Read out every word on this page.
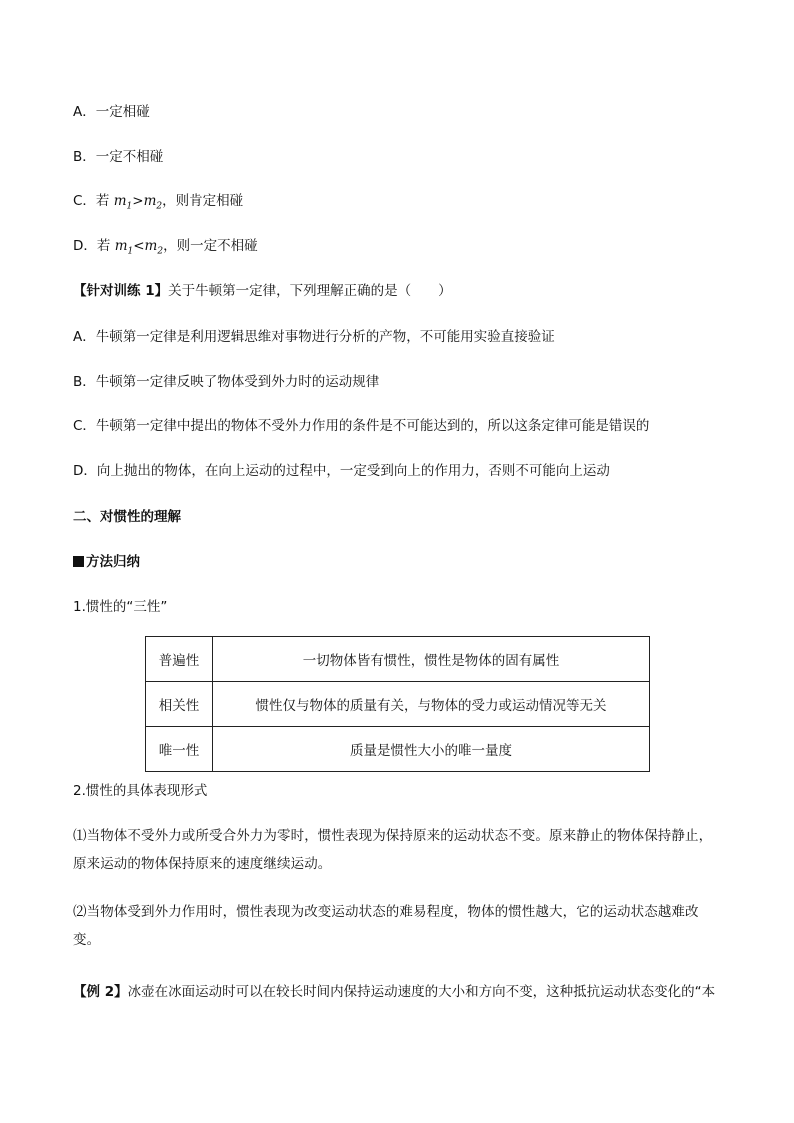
A．一定相碰
B．一定不相碰
C．若 $m_1>m_2$，则肯定相碰
D．若 $m_1<m_2$，则一定不相碰
【针对训练 1】关于牛顿第一定律，下列理解正确的是（　　）
A．牛顿第一定律是利用逻辑思维对事物进行分析的产物，不可能用实验直接验证
B．牛顿第一定律反映了物体受到外力时的运动规律
C．牛顿第一定律中提出的物体不受外力作用的条件是不可能达到的，所以这条定律可能是错误的
D．向上抛出的物体，在向上运动的过程中，一定受到向上的作用力，否则不可能向上运动
二、对惯性的理解
方法归纳
1.惯性的“三性”
普遍性	一切物体皆有惯性，惯性是物体的固有属性
相关性	惯性仅与物体的质量有关，与物体的受力或运动情况等无关
唯一性	质量是惯性大小的唯一量度
2.惯性的具体表现形式
⑴当物体不受外力或所受合外力为零时，惯性表现为保持原来的运动状态不变。原来静止的物体保持静止，原来运动的物体保持原来的速度继续运动。
⑵当物体受到外力作用时，惯性表现为改变运动状态的难易程度，物体的惯性越大，它的运动状态越难改变。
【例 2】冰壶在冰面运动时可以在较长时间内保持运动速度的大小和方向不变，这种抵抗运动状态变化的“本
